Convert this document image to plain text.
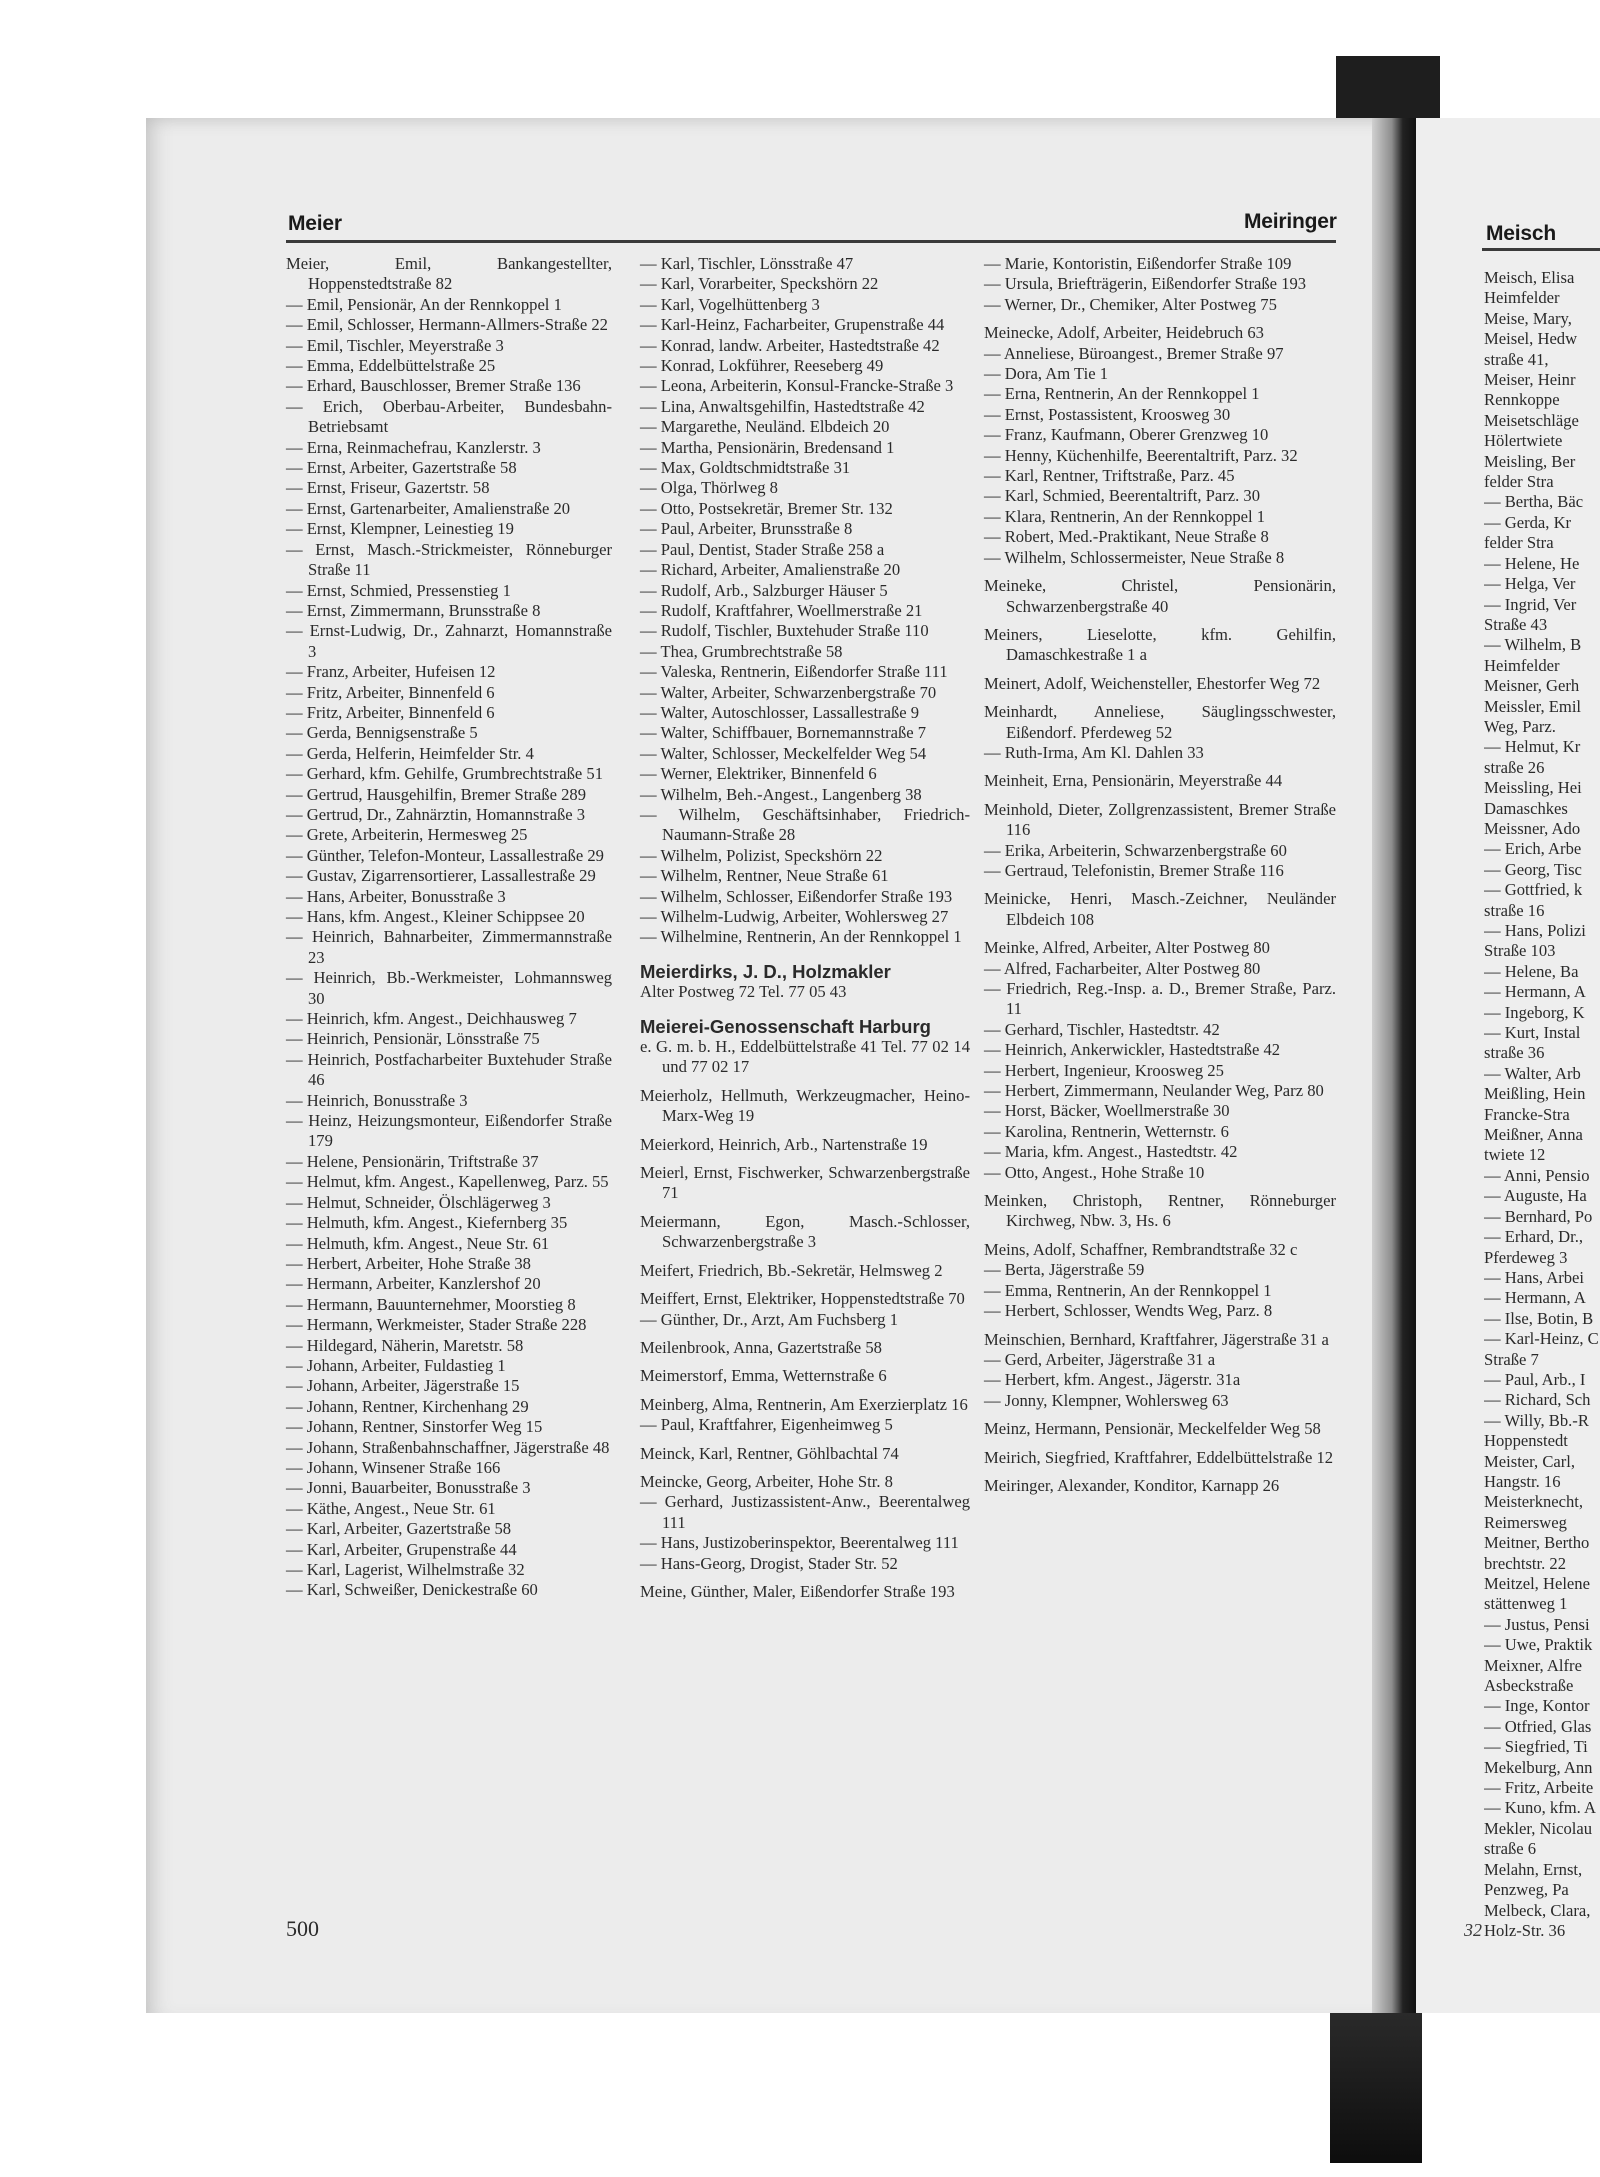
Meier	Meiringer

Meier, Emil, Bankangestellter, Hoppenstedtstraße 82

— Emil, Pensionär, An der Rennkoppel 1

— Emil, Schlosser, Hermann-Allmers-Straße 22

— Emil, Tischler, Meyerstraße 3

— Emma, Eddelbüttelstraße 25

— Erhard, Bauschlosser, Bremer Straße 136

— Erich, Oberbau-Arbeiter, Bundesbahn-Betriebsamt

— Erna, Reinmachefrau, Kanzlerstr. 3

— Ernst, Arbeiter, Gazertstraße 58

— Ernst, Friseur, Gazertstr. 58

— Ernst, Gartenarbeiter, Amalienstraße 20

— Ernst, Klempner, Leinestieg 19

— Ernst, Masch.-Strickmeister, Rönneburger Straße 11

— Ernst, Schmied, Pressenstieg 1

— Ernst, Zimmermann, Brunsstraße 8

— Ernst-Ludwig, Dr., Zahnarzt, Homannstraße 3

— Franz, Arbeiter, Hufeisen 12

— Fritz, Arbeiter, Binnenfeld 6

— Fritz, Arbeiter, Binnenfeld 6

— Gerda, Bennigsenstraße 5

— Gerda, Helferin, Heimfelder Str. 4

— Gerhard, kfm. Gehilfe, Grumbrechtstraße 51

— Gertrud, Hausgehilfin, Bremer Straße 289

— Gertrud, Dr., Zahnärztin, Homannstraße 3

— Grete, Arbeiterin, Hermesweg 25

— Günther, Telefon-Monteur, Lassallestraße 29

— Gustav, Zigarrensortierer, Lassallestraße 29

— Hans, Arbeiter, Bonusstraße 3

— Hans, kfm. Angest., Kleiner Schippsee 20

— Heinrich, Bahnarbeiter, Zimmermannstraße 23

— Heinrich, Bb.-Werkmeister, Lohmannsweg 30

— Heinrich, kfm. Angest., Deichhausweg 7

— Heinrich, Pensionär, Lönsstraße 75

— Heinrich, Postfacharbeiter Buxtehuder Straße 46

— Heinrich, Bonusstraße 3

— Heinz, Heizungsmonteur, Eißendorfer Straße 179

— Helene, Pensionärin, Triftstraße 37

— Helmut, kfm. Angest., Kapellenweg, Parz. 55

— Helmut, Schneider, Ölschlägerweg 3

— Helmuth, kfm. Angest., Kiefernberg 35

— Helmuth, kfm. Angest., Neue Str. 61

— Herbert, Arbeiter, Hohe Straße 38

— Hermann, Arbeiter, Kanzlershof 20

— Hermann, Bauunternehmer, Moorstieg 8

— Hermann, Werkmeister, Stader Straße 228

— Hildegard, Näherin, Maretstr. 58

— Johann, Arbeiter, Fuldastieg 1

— Johann, Arbeiter, Jägerstraße 15

— Johann, Rentner, Kirchenhang 29

— Johann, Rentner, Sinstorfer Weg 15

— Johann, Straßenbahnschaffner, Jägerstraße 48

— Johann, Winsener Straße 166

— Jonni, Bauarbeiter, Bonusstraße 3

— Käthe, Angest., Neue Str. 61

— Karl, Arbeiter, Gazertstraße 58

— Karl, Arbeiter, Grupenstraße 44

— Karl, Lagerist, Wilhelmstraße 32

— Karl, Schweißer, Denickestraße 60

— Karl, Tischler, Lönsstraße 47

— Karl, Vorarbeiter, Speckshörn 22

— Karl, Vogelhüttenberg 3

— Karl-Heinz, Facharbeiter, Grupenstraße 44

— Konrad, landw. Arbeiter, Hastedtstraße 42

— Konrad, Lokführer, Reeseberg 49

— Leona, Arbeiterin, Konsul-Francke-Straße 3

— Lina, Anwaltsgehilfin, Hastedtstraße 42

— Margarethe, Neuländ. Elbdeich 20

— Martha, Pensionärin, Bredensand 1

— Max, Goldtschmidtstraße 31

— Olga, Thörlweg 8

— Otto, Postsekretär, Bremer Str. 132

— Paul, Arbeiter, Brunsstraße 8

— Paul, Dentist, Stader Straße 258 a

— Richard, Arbeiter, Amalienstraße 20

— Rudolf, Arb., Salzburger Häuser 5

— Rudolf, Kraftfahrer, Woellmerstraße 21

— Rudolf, Tischler, Buxtehuder Straße 110

— Thea, Grumbrechtstraße 58

— Valeska, Rentnerin, Eißendorfer Straße 111

— Walter, Arbeiter, Schwarzenbergstraße 70

— Walter, Autoschlosser, Lassallestraße 9

— Walter, Schiffbauer, Bornemannstraße 7

— Walter, Schlosser, Meckelfelder Weg 54

— Werner, Elektriker, Binnenfeld 6

— Wilhelm, Beh.-Angest., Langenberg 38

— Wilhelm, Geschäftsinhaber, Friedrich-Naumann-Straße 28

— Wilhelm, Polizist, Speckshörn 22

— Wilhelm, Rentner, Neue Straße 61

— Wilhelm, Schlosser, Eißendorfer Straße 193

— Wilhelm-Ludwig, Arbeiter, Wohlersweg 27

— Wilhelmine, Rentnerin, An der Rennkoppel 1

Meierdirks, J. D., Holzmakler

Alter Postweg 72 Tel. 77 05 43

Meierei-Genossenschaft Harburg

e. G. m. b. H., Eddelbüttelstraße 41 Tel. 77 02 14 und 77 02 17

Meierholz, Hellmuth, Werkzeugmacher, Heino-Marx-Weg 19

Meierkord, Heinrich, Arb., Nartenstraße 19

Meierl, Ernst, Fischwerker, Schwarzenbergstraße 71

Meiermann, Egon, Masch.-Schlosser, Schwarzenbergstraße 3

Meifert, Friedrich, Bb.-Sekretär, Helmsweg 2

Meiffert, Ernst, Elektriker, Hoppenstedtstraße 70

— Günther, Dr., Arzt, Am Fuchsberg 1

Meilenbrook, Anna, Gazertstraße 58

Meimerstorf, Emma, Wetternstraße 6

Meinberg, Alma, Rentnerin, Am Exerzierplatz 16

— Paul, Kraftfahrer, Eigenheimweg 5

Meinck, Karl, Rentner, Göhlbachtal 74

Meincke, Georg, Arbeiter, Hohe Str. 8

— Gerhard, Justizassistent-Anw., Beerentalweg 111

— Hans, Justizoberinspektor, Beerentalweg 111

— Hans-Georg, Drogist, Stader Str. 52

Meine, Günther, Maler, Eißendorfer Straße 193

— Marie, Kontoristin, Eißendorfer Straße 109

— Ursula, Briefträgerin, Eißendorfer Straße 193

— Werner, Dr., Chemiker, Alter Postweg 75

Meinecke, Adolf, Arbeiter, Heidebruch 63

— Anneliese, Büroangest., Bremer Straße 97

— Dora, Am Tie 1

— Erna, Rentnerin, An der Rennkoppel 1

— Ernst, Postassistent, Kroosweg 30

— Franz, Kaufmann, Oberer Grenzweg 10

— Henny, Küchenhilfe, Beerentaltrift, Parz. 32

— Karl, Rentner, Triftstraße, Parz. 45

— Karl, Schmied, Beerentaltrift, Parz. 30

— Klara, Rentnerin, An der Rennkoppel 1

— Robert, Med.-Praktikant, Neue Straße 8

— Wilhelm, Schlossermeister, Neue Straße 8

Meineke, Christel, Pensionärin, Schwarzenbergstraße 40

Meiners, Lieselotte, kfm. Gehilfin, Damaschkestraße 1 a

Meinert, Adolf, Weichensteller, Ehestorfer Weg 72

Meinhardt, Anneliese, Säuglingsschwester, Eißendorf. Pferdeweg 52

— Ruth-Irma, Am Kl. Dahlen 33

Meinheit, Erna, Pensionärin, Meyerstraße 44

Meinhold, Dieter, Zollgrenzassistent, Bremer Straße 116

— Erika, Arbeiterin, Schwarzenbergstraße 60

— Gertraud, Telefonistin, Bremer Straße 116

Meinicke, Henri, Masch.-Zeichner, Neuländer Elbdeich 108

Meinke, Alfred, Arbeiter, Alter Postweg 80

— Alfred, Facharbeiter, Alter Postweg 80

— Friedrich, Reg.-Insp. a. D., Bremer Straße, Parz. 11

— Gerhard, Tischler, Hastedtstr. 42

— Heinrich, Ankerwickler, Hastedtstraße 42

— Herbert, Ingenieur, Kroosweg 25

— Herbert, Zimmermann, Neulander Weg, Parz 80

— Horst, Bäcker, Woellmerstraße 30

— Karolina, Rentnerin, Wetternstr. 6

— Maria, kfm. Angest., Hastedtstr. 42

— Otto, Angest., Hohe Straße 10

Meinken, Christoph, Rentner, Rönneburger Kirchweg, Nbw. 3, Hs. 6

Meins, Adolf, Schaffner, Rembrandtstraße 32 c

— Berta, Jägerstraße 59

— Emma, Rentnerin, An der Rennkoppel 1

— Herbert, Schlosser, Wendts Weg, Parz. 8

Meinschien, Bernhard, Kraftfahrer, Jägerstraße 31 a

— Gerd, Arbeiter, Jägerstraße 31 a

— Herbert, kfm. Angest., Jägerstr. 31a

— Jonny, Klempner, Wohlersweg 63

Meinz, Hermann, Pensionär, Meckelfelder Weg 58

Meirich, Siegfried, Kraftfahrer, Eddelbüttelstraße 12

Meiringer, Alexander, Konditor, Karnapp 26

500
Meisch
Meisch, Elisa
Heimfelder
Meise, Mary,
Meisel, Hedw
straße 41,
Meiser, Heinr
Rennkoppe
Meisetschläge
Hölertwiete
Meisling, Ber
felder Stra
— Bertha, Bäc
— Gerda, Kr
felder Stra
— Helene, He
— Helga, Ver
— Ingrid, Ver
Straße 43
— Wilhelm, B
Heimfelder
Meisner, Gerh
Meissler, Emil
Weg, Parz.
— Helmut, Kr
straße 26
Meissling, Hei
Damaschkes
Meissner, Ado
— Erich, Arbe
— Georg, Tisc
— Gottfried, k
straße 16
— Hans, Polizi
Straße 103
— Helene, Ba
— Hermann, A
— Ingeborg, K
— Kurt, Instal
straße 36
— Walter, Arb
Meißling, Hein
Francke-Stra
Meißner, Anna
twiete 12
— Anni, Pensio
— Auguste, Ha
— Bernhard, Po
— Erhard, Dr.,
Pferdeweg 3
— Hans, Arbei
— Hermann, A
— Ilse, Botin, B
— Karl-Heinz, C
Straße 7
— Paul, Arb., I
— Richard, Sch
— Willy, Bb.-R
Hoppenstedt
Meister, Carl,
Hangstr. 16
Meisterknecht,
Reimersweg
Meitner, Bertho
brechtstr. 22
Meitzel, Helene
stättenweg 1
— Justus, Pensi
— Uwe, Praktik
Meixner, Alfre
Asbeckstraße
— Inge, Kontor
— Otfried, Glas
— Siegfried, Ti
Mekelburg, Ann
— Fritz, Arbeite
— Kuno, kfm. A
Mekler, Nicolau
straße 6
Melahn, Ernst,
Penzweg, Pa
Melbeck, Clara,
Holz-Str. 36
32
